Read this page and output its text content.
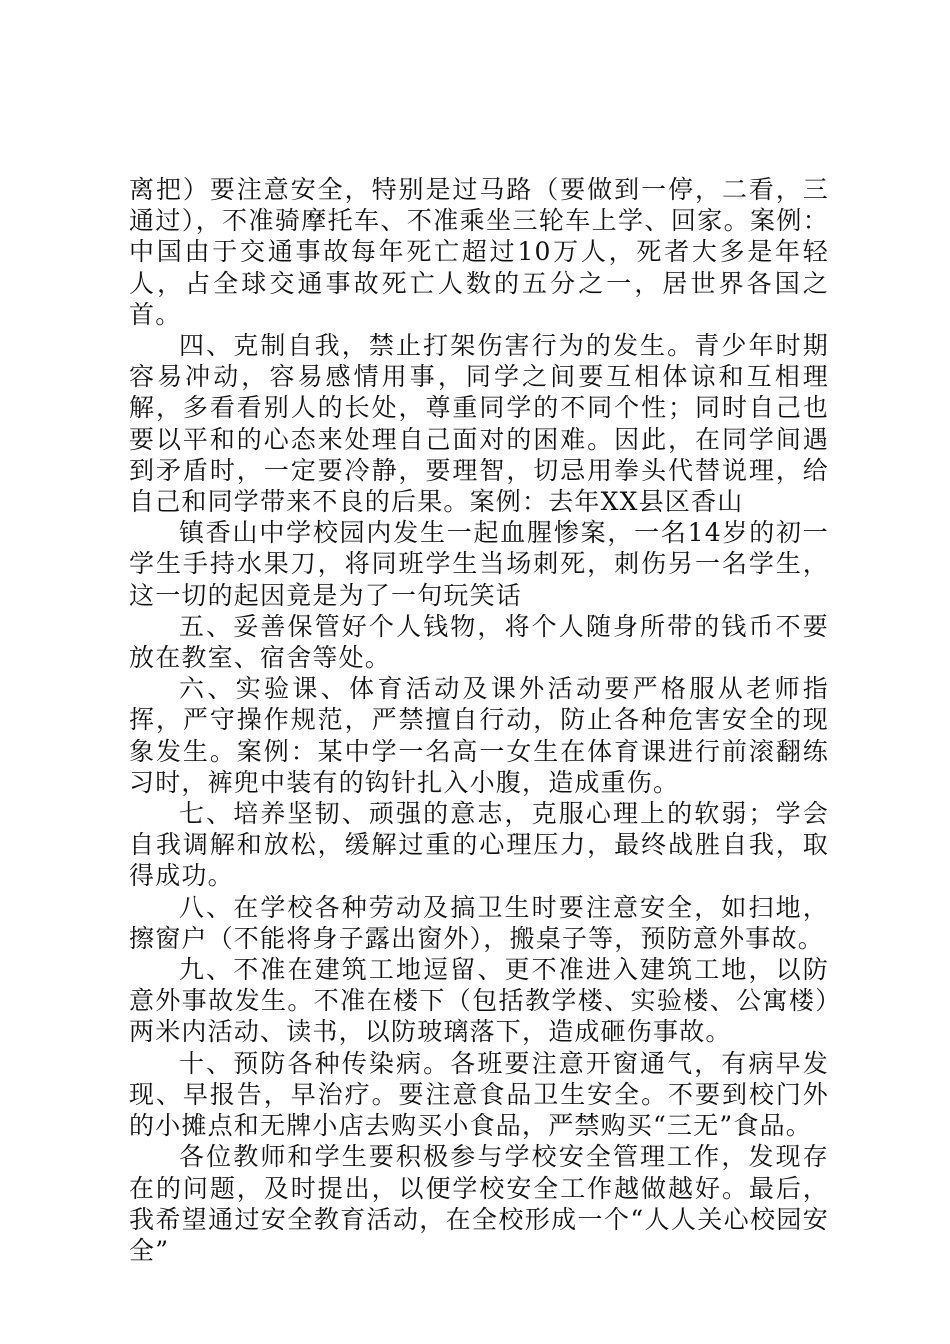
离把）要注意安全，特别是过马路（要做到一停，二看，三通过），不准骑摩托车、不准乘坐三轮车上学、回家。案例：中国由于交通事故每年死亡超过10万人，死者大多是年轻人，占全球交通事故死亡人数的五分之一，居世界各国之首。

四、克制自我，禁止打架伤害行为的发生。青少年时期容易冲动，容易感情用事，同学之间要互相体谅和互相理解，多看看别人的长处，尊重同学的不同个性；同时自己也要以平和的心态来处理自己面对的困难。因此，在同学间遇到矛盾时，一定要冷静，要理智，切忌用拳头代替说理，给自己和同学带来不良的后果。案例：去年XX县区香山

镇香山中学校园内发生一起血腥惨案，一名14岁的初一学生手持水果刀，将同班学生当场刺死，刺伤另一名学生，这一切的起因竟是为了一句玩笑话

五、妥善保管好个人钱物，将个人随身所带的钱币不要放在教室、宿舍等处。

六、实验课、体育活动及课外活动要严格服从老师指挥，严守操作规范，严禁擅自行动，防止各种危害安全的现象发生。案例：某中学一名高一女生在体育课进行前滚翻练习时，裤兜中装有的钩针扎入小腹，造成重伤。

七、培养坚韧、顽强的意志，克服心理上的软弱；学会自我调解和放松，缓解过重的心理压力，最终战胜自我，取得成功。

八、在学校各种劳动及搞卫生时要注意安全，如扫地，擦窗户（不能将身子露出窗外），搬桌子等，预防意外事故。

九、不准在建筑工地逗留、更不准进入建筑工地，以防意外事故发生。不准在楼下（包括教学楼、实验楼、公寓楼）两米内活动、读书，以防玻璃落下，造成砸伤事故。

十、预防各种传染病。各班要注意开窗通气，有病早发现、早报告，早治疗。要注意食品卫生安全。不要到校门外的小摊点和无牌小店去购买小食品，严禁购买“三无”食品。

各位教师和学生要积极参与学校安全管理工作，发现存在的问题，及时提出，以便学校安全工作越做越好。最后，我希望通过安全教育活动，在全校形成一个“人人关心校园安全”
